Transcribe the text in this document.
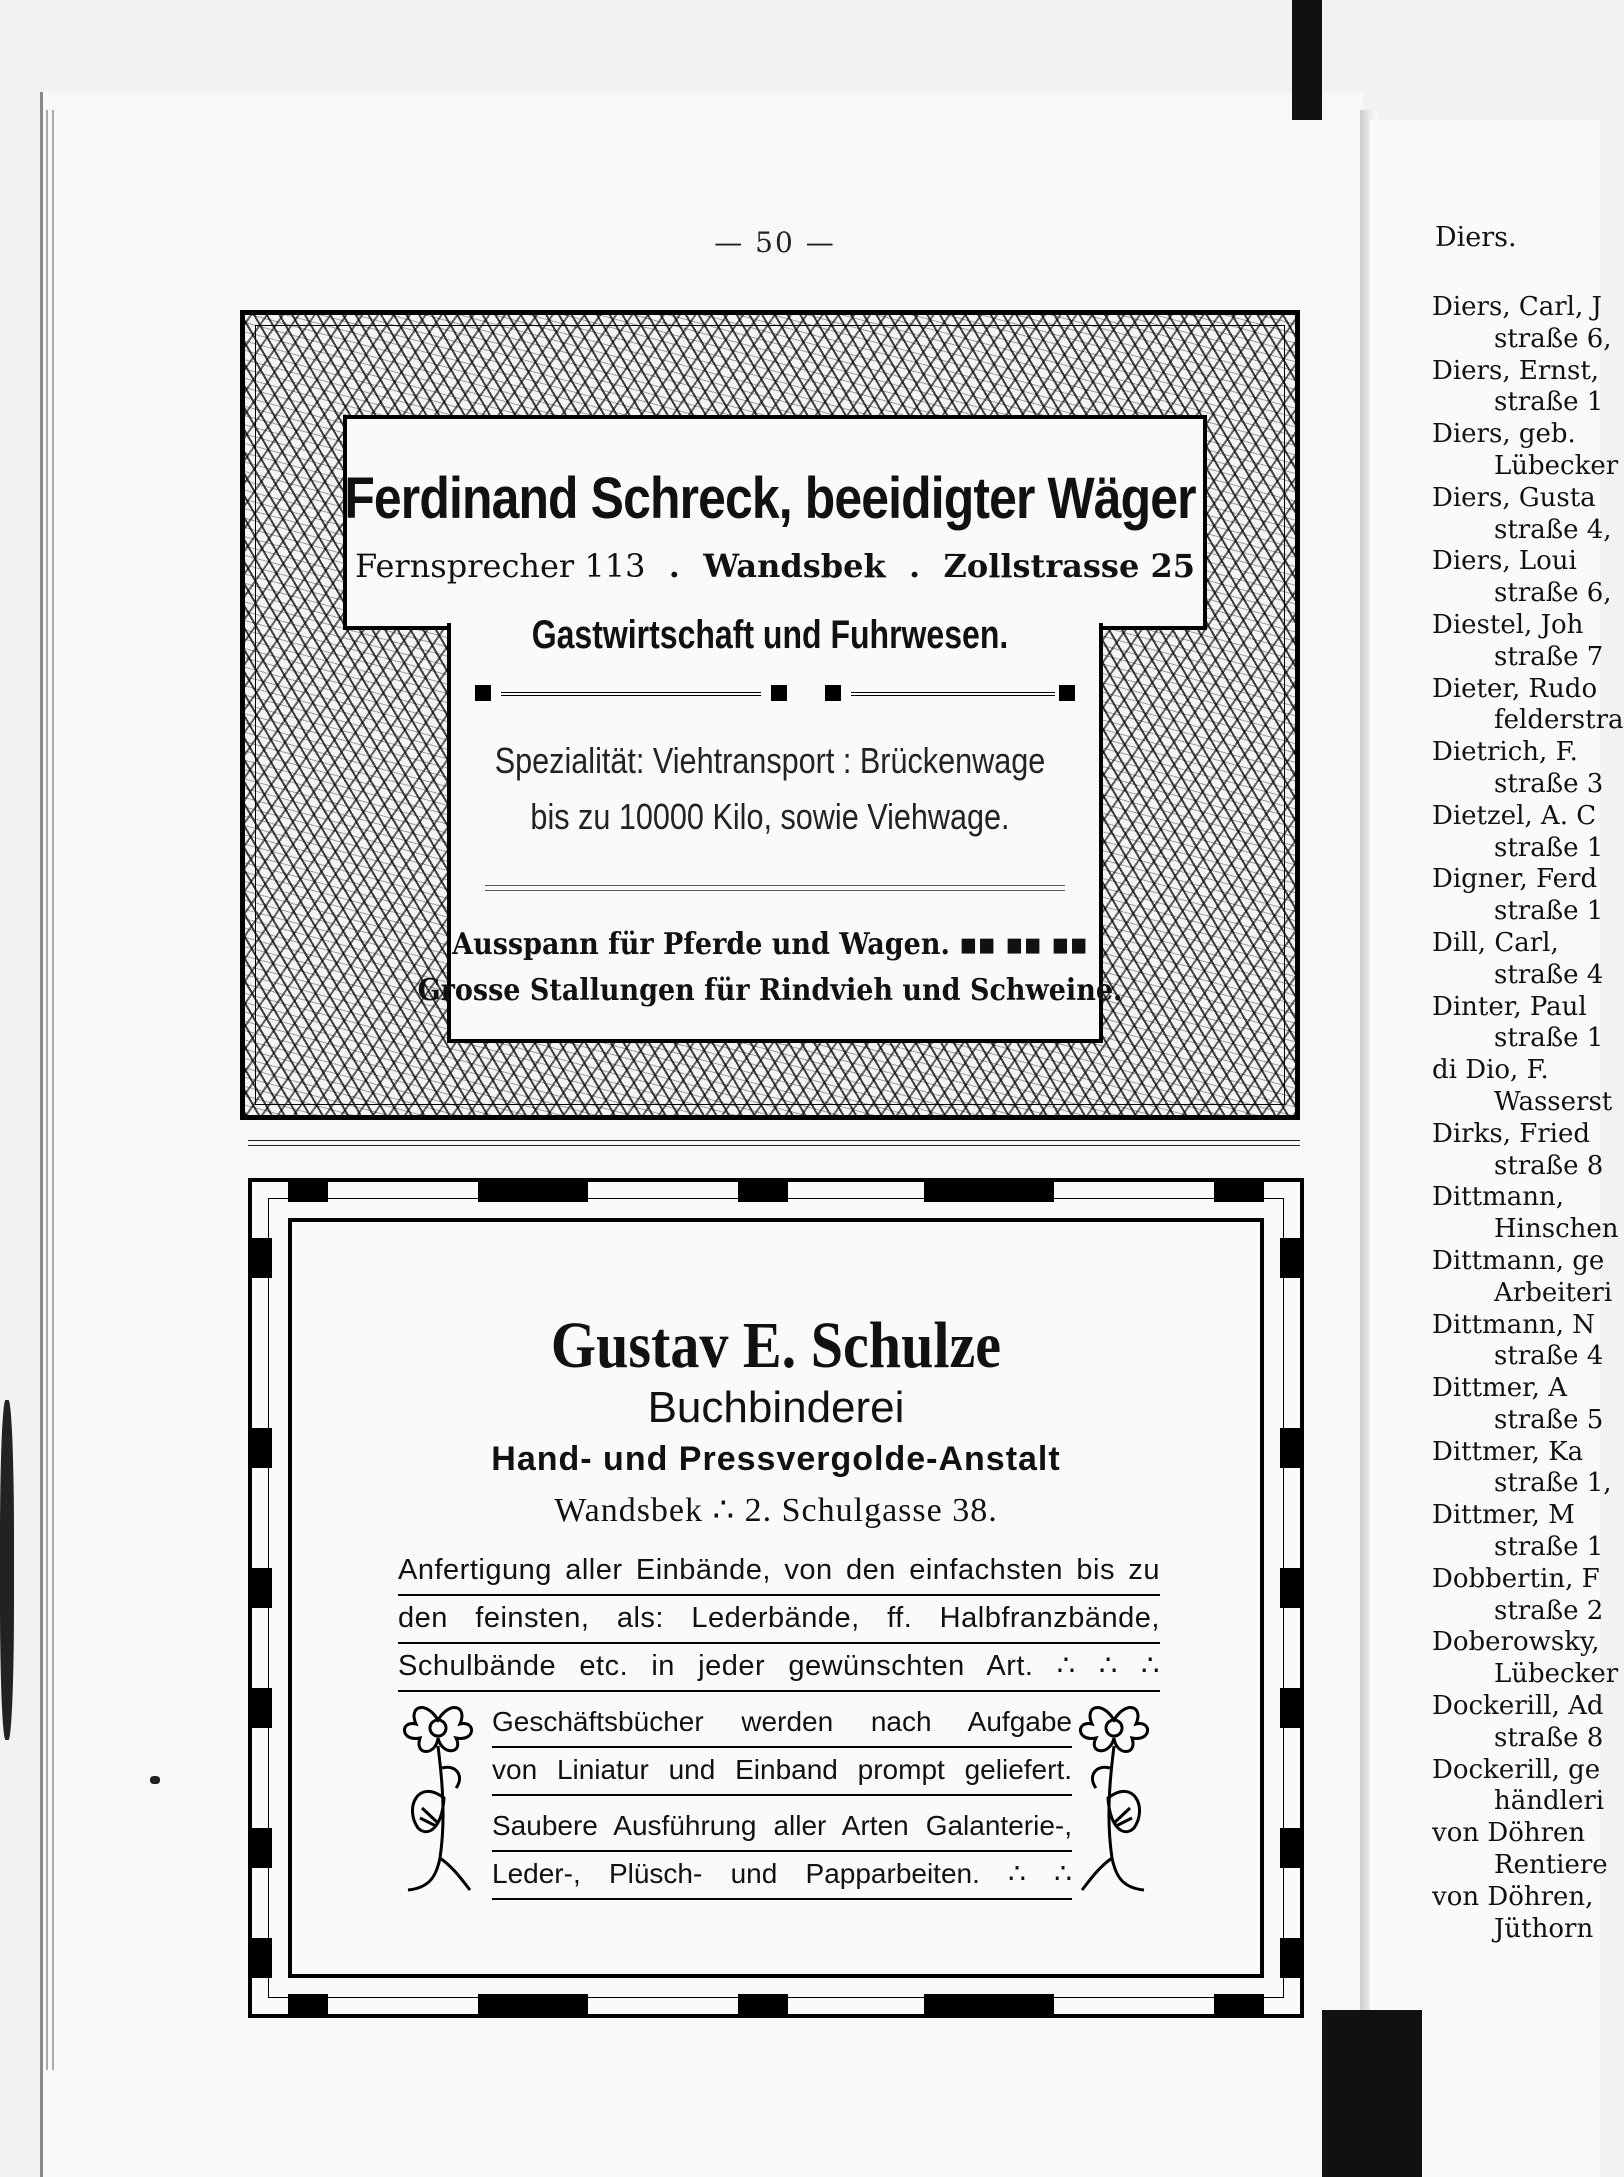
— 50 —
Ferdinand Schreck, beeidigter Wäger
Fernsprecher 113 . Wandsbek . Zollstrasse 25
Gastwirtschaft und Fuhrwesen.
Spezialität: Viehtransport : Brückenwage
bis zu 10000 Kilo, sowie Viehwage.
Ausspann für Pferde und Wagen. ▪▪ ▪▪ ▪▪
Grosse Stallungen für Rindvieh und Schweine.
Gustav E. Schulze
Buchbinderei
Hand- und Pressvergolde-Anstalt
Wandsbek ∴ 2. Schulgasse 38.
Anfertigung aller Einbände, von den einfachsten bis zu
den feinsten, als: Lederbände, ff. Halbfranzbände,
Schulbände etc. in jeder gewünschten Art. ∴ ∴ ∴
Geschäftsbücher werden nach Aufgabe
von Liniatur und Einband prompt geliefert.
Saubere Ausführung aller Arten Galanterie-,
Leder-, Plüsch- und Papparbeiten. ∴ ∴
Diers.
Diers, Carl, J
straße 6,
Diers, Ernst,
straße 1
Diers, geb.
Lübecker
Diers, Gusta
straße 4,
Diers, Loui
straße 6,
Diestel, Joh
straße 7
Dieter, Rudo
felderstra
Dietrich, F.
straße 3
Dietzel, A. C
straße 1
Digner, Ferd
straße 1
Dill, Carl,
straße 4
Dinter, Paul
straße 1
di Dio, F.
Wasserst
Dirks, Fried
straße 8
Dittmann,
Hinschen
Dittmann, ge
Arbeiteri
Dittmann, N
straße 4
Dittmer, A
straße 5
Dittmer, Ka
straße 1,
Dittmer, M
straße 1
Dobbertin, F
straße 2
Doberowsky,
Lübecker
Dockerill, Ad
straße 8
Dockerill, ge
händleri
von Döhren
Rentiere
von Döhren,
Jüthorn
